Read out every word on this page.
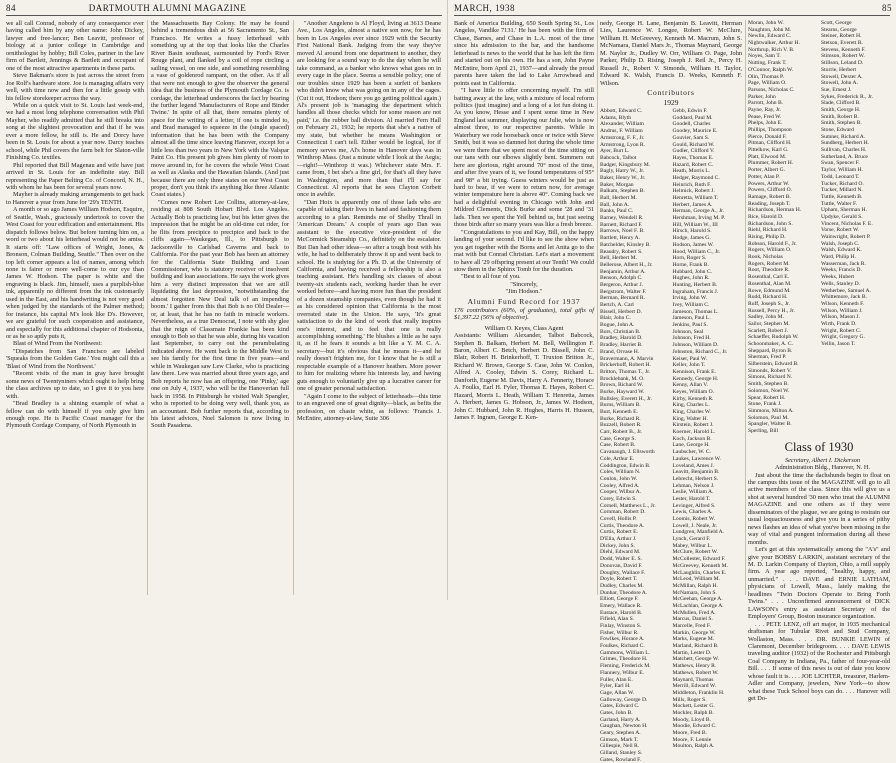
84	DARTMOUTH ALUMNI MAGAZINE

we all call Conrad, nobody of any consequence ever having called him by any other name: John Dickey, lawyer and free-lancer; Ben Leavitt, professor of biology at a junior college in Cambridge and ornithologist by hobby; Bill Coles, partner in the law firm of Bartlett, Jennings & Bartlett and occupant of one of the most attractive apartments in these parts.

Steve Bakman's store is just across the street from Joe Rolf's hardware store. Joe is managing affairs very well, with time now and then for a little gossip with his fellow storekeeper across the way.

While on a quick visit to St. Louis last week-end, we had a most long telephone conversation with Phil Mayher, who readily admitted that he still breaks into song at the slightest provocation and that if he was ever a more fellow, he still is. He and Dorcy have been in St. Louis for about a year now. Darcy teaches school, while Phil covers the farm belt for Slaton-ville Finishing Co. textiles.

Phil reported that Bill Magenau and wife have just arrived in St. Louis for an indefinite stay. Bill representing the Paper Belting Co. of Concord, N. H., with whom he has been for several years now.

Mayher is already making arrangements to get back to Hanover a year from June for '29's TENTH.

A month or so ago James William Hodson, Esquire, of Seattle, Wash., graciously undertook to cover the West Coast for your edification and entertainment. His dispatch follows below. But before turning him on, a word or two about his letterhead would not be amiss. It starts off: "Law offices of Wright, Jones, & Bronson, Colman Building, Seattle." Then over on the top left corner appears a list of names, among which none is fairer or more well-come to our eye than James W. Hodson. The paper is white and the engraving is black. Jim, himself, uses a purplish-blue ink, apparently no different from the ink customarily used in the East, and his handwriting is not very good when judged by the standards of the Palmer method; for instance, his capital M's look like D's. However, we are grateful for such cooperation and assistance, and especially for this additional chapter of Hodsonia, or as he so aptly puts it,

Blast of Wind From the Northwest:

"Dispatches from San Francisco are labeled 'Squeaks from the Golden Gate.' You might call this a 'Blast of Wind from the Northwest.'

"Recent visits of the man in gray have brought some news of Twentyniners which ought to help bring the class archives up to date, so I give it to you here with.

"Brad Bradley is a shining example of what a fellow can do with himself if you only give him enough rope. He is Pacific Coast manager for the Plymouth Cordage Company, of North Plymouth in

the Massachusetts Bay Colony. He may be found behind a tremendous dish at 56 Sacramento St., San Francisco. He writes a fussy letterhead with something up at the top that looks like the Charles River Basin southeast, surmounted by Ford's River Rouge plant, and flanked by a coil of rope circling a sailing vessel, on one side, and something resembling a vase of goldenrod rampant, on the other. As if all that were not enough to give the observer the general idea that the business of the Plymouth Cordage Co. is cordage, the letterhead underscores the fact by bearing the further legend 'Manufacturers of Rope and Binder Twine.' In spite of all that, there remains plenty of space for the writing of a letter, if one is minded to, and Brad managed to squeeze in the (single spaced) information that he has been with the Company almost all the time since leaving Hanover, except for a little less than two years in New York with the Valspar Paint Co. His present job gives him plenty of room to move around in, for he covers the whole West Coast as well as Alaska and the Hawaiian Islands. (And just because there are only three states on our West Coast proper, don't you think it's anything like three Atlantic Coast states.)

"Comes now Robert Lee Collins, attorney-at-law, residing at 808 South Hobart Blvd. Los Angeles. Actually Bob is practicing law, but his letter gives the impression that he might be an old-time cut rider, for he flits from precipice to precipice and back to the cliffs again—Waukegan, Ill., to Pittsburgh to Jacksonville to Carlsbad Caverns and back to California. For the past year Bob has been an attorney for the California State Building and Loan Commissioner, who is statutory receiver of insolvent building and loan associations. He says the work gives him a very distinct impression that we are still liquidating the last depression, 'notwithstanding the almost forgotten New Deal talk of an impending boom.' I gather from this that Bob is no Old Dealer—or, at least, that he has no faith in miracle workers. Nevertheless, as a true Democrat, I note with shy glee that the reign of Classmate Frankie has been kind enough to Bob so that he was able, during his vacation last September, to carry out the perambulating indicated above. He went back to the Middle West to see his family for the first time in five years—and while in Waukegan saw Lew Clarke, who is practicing law there. Lew was married about three years ago, and Bob reports he now has an offspring, one 'Pinky,' age one on July 4, 1937, who will be the Hanoverian full back in 1958. In Pittsburgh he visited Walt Spangler, who is reported to be doing very well, thank you, as an accountant. Bob further reports that, according to his latest advices, Noel Salomon is now living in South Pasadena.

"Another Angeleno is Al Floyd, living at 3613 Deane Ave., Los Angeles, almost a native son now, for he has been in Los Angeles ever since 1929 with the Security First National Bank. Judging from the way they've moved Al around from one department to another, they are looking for a sound way to do the day when he will take command, as a banker who knows what goes on in every cage in the place. Seems a sensible policy; one of our troubles since 1929 has been a surfeit of bankers who didn't know what was going on in any of the cages. (Cut it out, Hodson; there you go getting political again.) Al's present job is 'managing the department which handles all those checks which for some reason are not paid,' i.e. the rubber ball division. Al married Fern Hall on February 21, 1932; he reports that she's a native of my state, but whether he means Washington or Connecticut I can't tell. Either would be logical, for if memory serves me, Al's home in Hanover days was in Winthrop Mass. (Just a minute while I look at the Aegis;—right!—Winthrop it was.) Whichever state Mrs. F. came from, I bet she's a fine girl, for that's all they have in Washington, and more than that I'll say for Connecticut. Al reports that he sees Clayton Corbett once in awhile.

"Dan Hoix is apparently one of those lads who are capable of taking their lives in hand and fashioning them according to a plan. Reminds me of Shelby Thrall in 'American Dream.' A couple of years ago Dan was assistant to the executive vice-president of the McCormick Steamship Co., definitely on the escalator. But Dan had other ideas—so after a tough bout with his wife, he had to deliberately throw it up and went back to school. He is studying for a Ph. D. at the University of California, and having received a fellowship is also a teaching assistant. He's handling six classes of about twenty-six students each, working harder than he ever worked before—and having more fun than the president of a dozen steamship companies, even though he had it as his considered opinion that California is the most overrated state in the Union. He says, 'It's great satisfaction to do the kind of work that really inspires one's interest, and to feel that one is really accomplishing something.' He blushes a little as he says it, as if he fears it sounds a bit like a Y. M. C. A. secretary—but it's obvious that he means it—and he really doesn't frighten me, for I know that he is still a respectable example of a Hanover heathen. More power to him for realizing where his interests lay, and having guts enough to voluntarily give up a lucrative career for one of greater personal satisfaction.

"Again I come to the subject of letterheads—this time to an engraved one of great dignity—black, as befits the profession, on chaste white, as follows: 'Francis J. McEntire, attorney-at-law, Suite 306

MARCH, 1938	85

Bank of America Building, 650 South Spring St., Los Angeles, Vandike 7131.' He has been with the firm of Chase, Barnes, and Chase in L.A. most of the time since his admission to the bar, and the handsome letterhead is news to the world that he has left the firm and started out on his own. He has a son, John Payne McEntire, born April 21, 1937—and already the proud parents have taken the lad to Lake Arrowhead and points east in California.

"I have little to offer concerning myself. I'm still batting away at the law, with a mixture of local reform politics (just imagine) and a long of a lot fun doing it. As you know, Hesse and I spent some time in New England last summer, displaying our Julie, who is now almost three, to our respective parents. While in Waterbury we rode horseback once or twice with Steve Smith, but it was so damned hot during the whole time we were there that we spent most of the time sitting on our tans with our elbows slightly bent. Summers out here are glorious, right around 70° most of the time, and after five years of it, we found temperatures of 95° and 98° a bit trying. Guess winters would be just as hard to bear, if we were to return now, for average winter temperature here is above 40°. Coming back we had a delightful evening in Chicago with John and Mildred Clements, Dick Burke and some '28 and '31 lads. Then we spent the Yell behind us, but just seeing those birds after so many years was like a fresh breeze.

"Congratulations to you and Kay, Bill, on the happy landing of your second. I'd like to see the show when you get together with the Borns and let Anita go to the mat with but Conrad Christian. Let's start a movement to have all '29 offspring present at our Tenth! We could stow them in the Sphinx Tomb for the duration.

"Best to all four of you.

"Sincerely,

"Jim Hodson."

Alumni Fund Record for 1937

176 contributors (60%, of graduates), total gifts of $1,397.22 (56% of objective).

William O. Keyes, Class Agent

Assistants: William Alexander, Talbot Babcock, Stephen B. Balkam, Herbert M. Bell, Wellington F. Baron, Albert C. Betch, Herbert D. Bissell, John C. Blair, Robert H. Brinkerhoff, T. Truxton Britton Jr., Richard W. Brown, George S. Case, John W. Conlon, Alfred A. Cooley, Edwin S. Corey, Richard L. Danforth, Eugene M. Davis, Harry A. Fennerty, Horace A. Foulks, Earl H. Fyler, Thomas E. Hayes, Robert C. Hazard, Morris L. Heath, William T. Henretta, James A. Herbert, James G. Hobson, Jr., James W. Hodson, John C. Hubbard, John R. Hughes, Harris H. Husson, James F. Ingram, George E. Ken-

nedy, George H. Lane, Benjamin B. Leavitt, Herman Lies, Laurence W. Longee, Robert W. McClure, William H. McGreevey, Kenneth M. Macrum, John S. McNamara, Daniel Mars Jr., Thomas Maynard, George M. Naylor Jr., Dudley W. Orr, William O. Page, John Parker, Philip D. Rising, Joseph J. Reil Jr., Percy H. Russell Jr., Robert V. Simonds, William H. Taylor, Edward K. Walsh, Francis D. Weeks, Kenneth F. Wilson.

Contributors
1929
Abbott, Edward C.
Adams, Blyth
Alexander, William
Andrus, F. William
Armstrong, F. F., Jr.
Armstrong, Lyon R.
Ayer, Burt L.
Babcock, Talbot
Badger, Kingsbury M.
Bagly, Harry W., Jr.
Baker, Henry W., Jr.
Baker, Morgan
Balkam, Stephen B.
Ball, Herbert M.
Ball, John A.
Banks, Paul C.
Barney, Wendell R.
Barnett, Richard F.
Barrows, Noel F. B.
Bartlett, Henry A.
Batchelder, Kinsley B.
Beaudry, Robert S.
Bell, Herbert M.
Bellerose, Albert H., Jr.
Benjamin, Arthur A.
Benson, Adolph C.
Bergeron, Arthur J.
Bergstrom, Walter F.
Berman, Bernard R.
Bertch, A. Carl
Bissell, Herbert D.
Blair, John C.
Bogue, John A.
Bors, Christian B.
Bradley, Harold D.
Bradley, Harriet B.
Brand, Orvase H.
Bravermann, A. Marvin
Brickerhoff, Robert H.
Britton, Thomas T., Jr.
Brocklebank, M. O.
Brown, Richard W.
Burke, Hayward W.
Bullsley, Everett H., Jr.
Burns, William B.
Burt, Kenneth E.
Burke, Richard R.
Buzzell, Robert R.
Carr, Robert B., Jr.
Case, George S.
Case, Robert B.
Cavanaugh, J. Ellsworth
Cole, Arthur E.
Coddington, Edwin B.
Coles, William N.
Conlon, John W.
Cooley, Alfred A.
Cooper, Wilbur A.
Corey, Edwin S.
Cornell, Matthews L., Jr.
Cornman, Robert D.
Covell, Hollis P.
Curtis, Theodore A.
Curtis, Robert E.
D'Elia, Arthur J.
Dickey, John S.
Diehl, Edward M.
Dodd, Walter E. S.
Donovan, David F.
Doughty, Wallace F.
Doyle, Robert T.
Dudley, Charles M.
Dunbar, Theodore A.
Elliott, George F.
Emery, Wallace R.
Eustace, Harold B.
Fifield, Alan S.
Finlay, Winston S.
Fisher, Wilbur R.
Fowlkes, Horace A.
Foulkes, Richard C.
Gammons, William L.
Grimes, Theodore H.
Fleming, Frederick M.
Flannery, Wilbur E.
Fuller, Alan E.
Fyler, Earl H.
Gage, Allan W.
Galloway, George D.
Gates, Edward C.
Gates, John B.
Garland, Harry A.
Gaughan, Newton H.
Geary, Stephen A.
Gimson, Mark T.
Gillespie, Neil R.
Gilland, Stanley S.
Gates, Rowland F.
Gebb, Edwin F.
Goddard, Paul M.
Goodell, Charles
Goodey, Maurice E.
Gouvier, Sam S.
Gould, Richard W.
Gudler, Clifford V.
Hayes, Thomas E.
Hazard, Robert C.
Heath, Morris L.
Hedger, Raymond C.
Heinrich, Ruth F.
Helmick, Robert J.
Henretta, William T.
Herbert, James A.
Herman, George A., Jr.
Hershman, Irving M. P.
Hill, William W., III
Hirsch, Harold S.
Hodge, James G.
Hodson, James W.
Hood, William C., Jr.
Horn, Roger S.
Horne, Frank B.
Hubbard, John C.
Hughes, John R.
Hunting, Herbert B.
Ingraham, Francis J.
Irving, John W.
Ivey, William C.
Jameson, Thomas L.
Jameson, Paul L.
Jenkins, Paul S.
Johnson, Seal
Johnson, Fred H.
Johnson, William D.
Johnston, Richard C., Jr.
Keiser, Paul W.
Keller, John T.
Kennison, Frank E.
Kennedy, George H.
Kenny, Allan V.
Keyes, William O.
Kirby, Kenneth R.
King, Charles L.
King, Charles W.
King, Walter H.
Kirstein, Robert J.
Koerner, Harold L.
Koch, Jackson B.
Lane, George H.
Laubscher, W. C.
Laukes, Lawrence W.
Loveland, Ames J.
Leavitt, Benjamin B.
Lebrecht, Herbert S.
Lehman, Nelson J.
Leslie, William A.
Lester, Harold T.
Levinger, Alfred S.
Lewis, Charles A.
Loomis, Robert W.
Lowell, J. Neale, Jr.
Lundgren, Manfield A.
Lynch, Gerard F.
Mabey, Wilbur L.
McClure, Robert W.
McCollester, Edward F.
McGreevey, Kenneth M.
McLaughlin, Charles E.
McLeod, William M.
McMillan, Ralph H.
McNamara, John S.
McGeehan, George A.
McLachlan, George A.
McMullen, Fred A.
Marcus, Daniel S.
Marcelle, Fred F.
Markin, George W.
Marks, Eugene M.
Marland, Richard B.
Martin, Lester D.
Matchett, George W.
Mathews, Henry R.
Mathews, Robert W.
Maynard, Thomas
Merrill, Edward W.
Middleton, Franklin H.
Mills, Roger S.
Mockett, Lester G.
Mockler, Ralph B.
Moody, Lloyd B.
Moodie, Edward C.
Moore, Fred B.
Moore, F. Lennie
Moulton, Ralph A.
Moran, John W.
Naughton, John M.
Newlin, Edward C.
Nightwalker, Arthur H.
Northrup, Rich V. B.
Noyes, Sam T.
Nutting, Frank T.
O'Connor, Ralph W.
Olin, Thomas P.
Page, William O.
Parsons, Nicholas C.
Parker, John
Parrott, John B.
Payne, Ray, Jr.
Pease, Fred W.
Phelps, John E.
Phillips, Thompson
Pierce, Donald F.
Pitman, Clifford H.
Pittelkow, Karl G.
Platt, Elwood M.
Plummer, Robert H.
Porter, Albert G.
Potter, Alan P.
Powers, Arthur W.
Powers, Clifford O.
Ramage, Robert B.
Reading, Joseph T.
Richardson, Herman H.
Rice, Harold D.
Richardson, John S.
Riehl, Richard H.
Rising, Philip D.
Robson, Harold F., Jr.
Rogers, William O.
Rook, Nicholas
Rogers, Robert M.
Root, Theodore R.
Rosenthal, Carl E.
Rosenthal, Alan M.
Rowe, Edmund M.
Rudd, Richard H.
Ruff, Joseph S., Jr.
Russell, Percy H., Jr.
Sadley, John M.
Sailor, Stephen M.
Scarlett, Robert J.
Schaeffer, Rudolph W.
Schoonmaker, A. C.
Sheppard, Byron B.
Sherman, Fred P.
Silberstein, Edward B.
Simonds, Robert V.
Simons, Richard N.
Smith, Stephen B.
Solomon, Noel W.
Spear, Robert H.
Stone, Frank J.
Simmons, Milton A.
Solomon, Paul M.
Spangler, Walter B.
Sperling, Bill
Scott, George
Stearns, George
Steiner, Robert H.
Stetson, Everett R.
Stevens, Kenneth F.
Stimson, Robert W.
Stillson, Leland D.
Storrie, Herbert
Stowell, Dexter A.
Stowell, John A.
Sue, Ernest J.
Sykes, Frederick R., Jr.
Slade, Clifford B.
Smith, George H.
Smith, Robert B.
Smith, Stephen B.
Stone, Edward
Sumner, Richard A.
Sundberg, Herbert H.
Sullivan, Charles H.
Sutherland, A. Bruce
Swan, Spencer F.
Taylor, William H.
Todd, Leonard T.
Tucker, Richard O.
Tucker, Millard N.
Tuttle, Kenneth B.
Tuttle, Walter F.
Upham, Sherman H.
Updyke, Gerald S.
Vincent, Nicholas F. E.
Vorse, Robert W.
Wainwright, Robert P.
Walsh, Joseph C.
Walsh, Edward K.
Ward, Philip H.
Wasserman, Jack R.
Weeks, Francis D.
Weeks, Hubert
Wells, Stanley D.
Wetherbee, Samuel A.
Whittemore, Jack B.
Wilson, Kenneth F.
Wilson, William J.
Wilson, Mason J.
Wirth, Frank D.
Wright, Robert C.
Wright, Gregory G.
Yellin, Jason T.
Class of 1930

Secretary, Albert I. Dickerson

Administration Bldg., Hanover, N. H.

Just about the time the dachshunds begin to float on the campus this issue of the MAGAZINE will go to all active members of the class. Since this will give us a shot at several hundred '30 men who treat the ALUMNI MAGAZINE and one others as if they were disseminators of the plague, we are going to restrain our usual loquaciousness and give you in a series of pithy news flashes an idea of what you've been missing in the way of vital and pungent information during all these months.

Let's get at this systematically among the "A's" and give your BOBBY LARKIN, assistant secretary of the M. D. Larkin Company of Dayton, Ohio, a mill supply firm. A year ago reported, "healthy, happy, and unmarried." . . . DAVE and ERNIE LATHAM, physicians of Lowell, Mass., lately making the headlines "Twin Doctors Operate to Bring Forth Twins." . . . Unconfirmed announcement of DICK LAWSON's entry as assistant Secretary of the Employers' Group, Boston insurance organization.

. . . PETE LENZ, off art major, in 1935 mechanical draftsman for Tubular Rivet and Stud Company, Wollaston, Mass. . . . DR. BUNKIE LEWIN of Claremont, December bridegroom. . . . DAVE LEWIS traveling auditor (1932) of the Rochester and Pittsburgh Coal Company in Indiana, Pa., father of four-year-old Bill. . . . If some of this news is out of date you know whose fault it is. . . . JOE LICHTER, treasurer, Harlem-Adler and Company, jewelers, New York—to show what these Tuck School boys can do. . . . Hanover will get Do-
